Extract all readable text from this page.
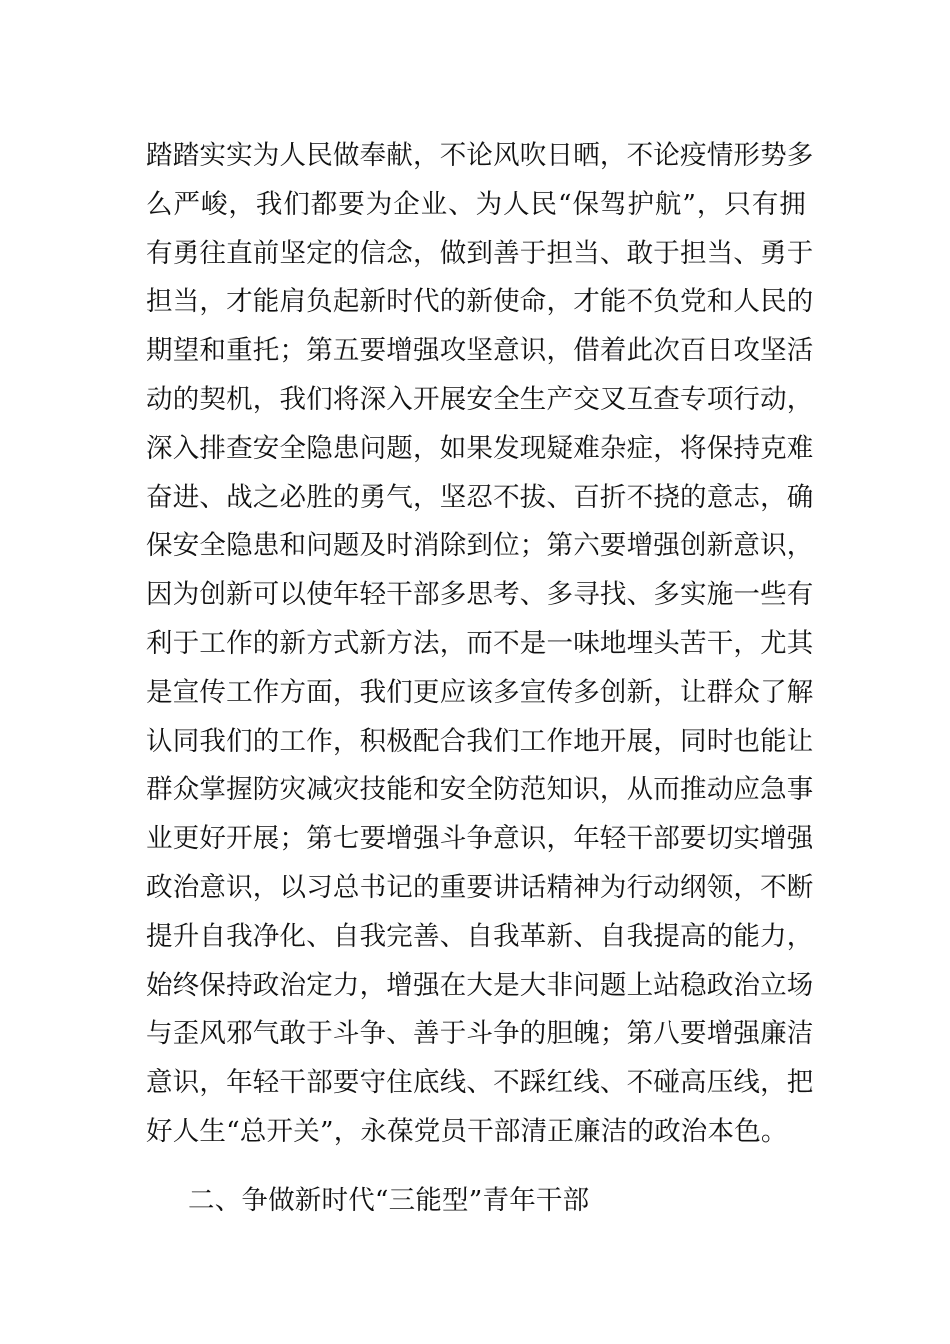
踏踏实实为人民做奉献，不论风吹日晒，不论疫情形势多
么严峻，我们都要为企业、为人民“保驾护航”，只有拥
有勇往直前坚定的信念，做到善于担当、敢于担当、勇于
担当，才能肩负起新时代的新使命，才能不负党和人民的
期望和重托；第五要增强攻坚意识，借着此次百日攻坚活
动的契机，我们将深入开展安全生产交叉互查专项行动，
深入排查安全隐患问题，如果发现疑难杂症，将保持克难
奋进、战之必胜的勇气，坚忍不拔、百折不挠的意志，确
保安全隐患和问题及时消除到位；第六要增强创新意识，
因为创新可以使年轻干部多思考、多寻找、多实施一些有
利于工作的新方式新方法，而不是一味地埋头苦干，尤其
是宣传工作方面，我们更应该多宣传多创新，让群众了解
认同我们的工作，积极配合我们工作地开展，同时也能让
群众掌握防灾减灾技能和安全防范知识，从而推动应急事
业更好开展；第七要增强斗争意识，年轻干部要切实增强
政治意识，以习总书记的重要讲话精神为行动纲领，不断
提升自我净化、自我完善、自我革新、自我提高的能力，
始终保持政治定力，增强在大是大非问题上站稳政治立场
与歪风邪气敢于斗争、善于斗争的胆魄；第八要增强廉洁
意识，年轻干部要守住底线、不踩红线、不碰高压线，把
好人生“总开关”，永葆党员干部清正廉洁的政治本色。
二、争做新时代“三能型”青年干部
